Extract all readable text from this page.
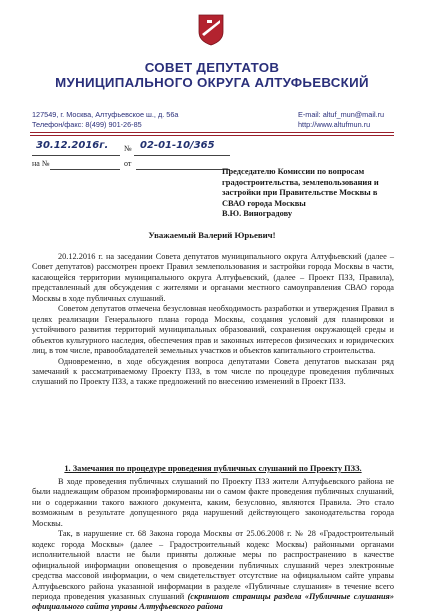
СОВЕТ ДЕПУТАТОВ
МУНИЦИПАЛЬНОГО ОКРУГА АЛТУФЬЕВСКИЙ
127549, г. Москва, Алтуфьевское ш., д. 56а
Телефон/факс: 8(499) 901-26-85
E-mail: altuf_mun@mail.ru
http://www.altufmun.ru
30.12.2016г. № 02-01-10/365
на №	от
Председателю Комиссии по вопросам
градостроительства, землепользования и
застройки при Правительстве Москвы в
СВАО города Москвы
В.Ю. Виноградову
Уважаемый Валерий Юрьевич!

20.12.2016 г. на заседании Совета депутатов муниципального округа Алтуфьевский (далее – Совет депутатов) рассмотрен проект Правил землепользования и застройки города Москвы в части, касающейся территории муниципального округа Алтуфьевский, (далее – Проект ПЗЗ, Правила), представленный для обсуждения с жителями и органами местного самоуправления СВАО города Москвы в ходе публичных слушаний.

Советом депутатов отмечена безусловная необходимость разработки и утверждения Правил в целях реализации Генерального плана города Москвы, создания условий для планировки и устойчивого развития территорий муниципальных образований, сохранения окружающей среды и объектов культурного наследия, обеспечения прав и законных интересов физических и юридических лиц, в том числе, правообладателей земельных участков и объектов капитального строительства.

Одновременно, в ходе обсуждения вопроса депутатами Совета депутатов высказан ряд замечаний к рассматриваемому Проекту ПЗЗ, в том числе по процедуре проведения публичных слушаний по Проекту ПЗЗ, а также предложений по внесению изменений в Проект ПЗЗ.

1. Замечания по процедуре проведения публичных слушаний по Проекту ПЗЗ.

В ходе проведения публичных слушаний по Проекту ПЗЗ жители Алтуфьевского района не были надлежащим образом проинформированы ни о самом факте проведения публичных слушаний, ни о содержании такого важного документа, каким, безусловно, являются Правила. Это стало возможным в результате допущенного ряда нарушений действующего законодательства города Москвы.

Так, в нарушение ст. 68 Закона города Москвы от 25.06.2008 г. № 28 «Градостроительный кодекс города Москвы» (далее – Градостроительный кодекс Москвы) районными органами исполнительной власти не были приняты должные меры по распространению в качестве официальной информации оповещения о проведении публичных слушаний через электронные средства массовой информации, о чем свидетельствует отсутствие на официальном сайте управы Алтуфьевского района указанной информации в разделе «Публичные слушания» в течение всего периода проведения указанных слушаний (скриншот страницы раздела «Публичные слушания» официального сайта управы Алтуфьевского района
